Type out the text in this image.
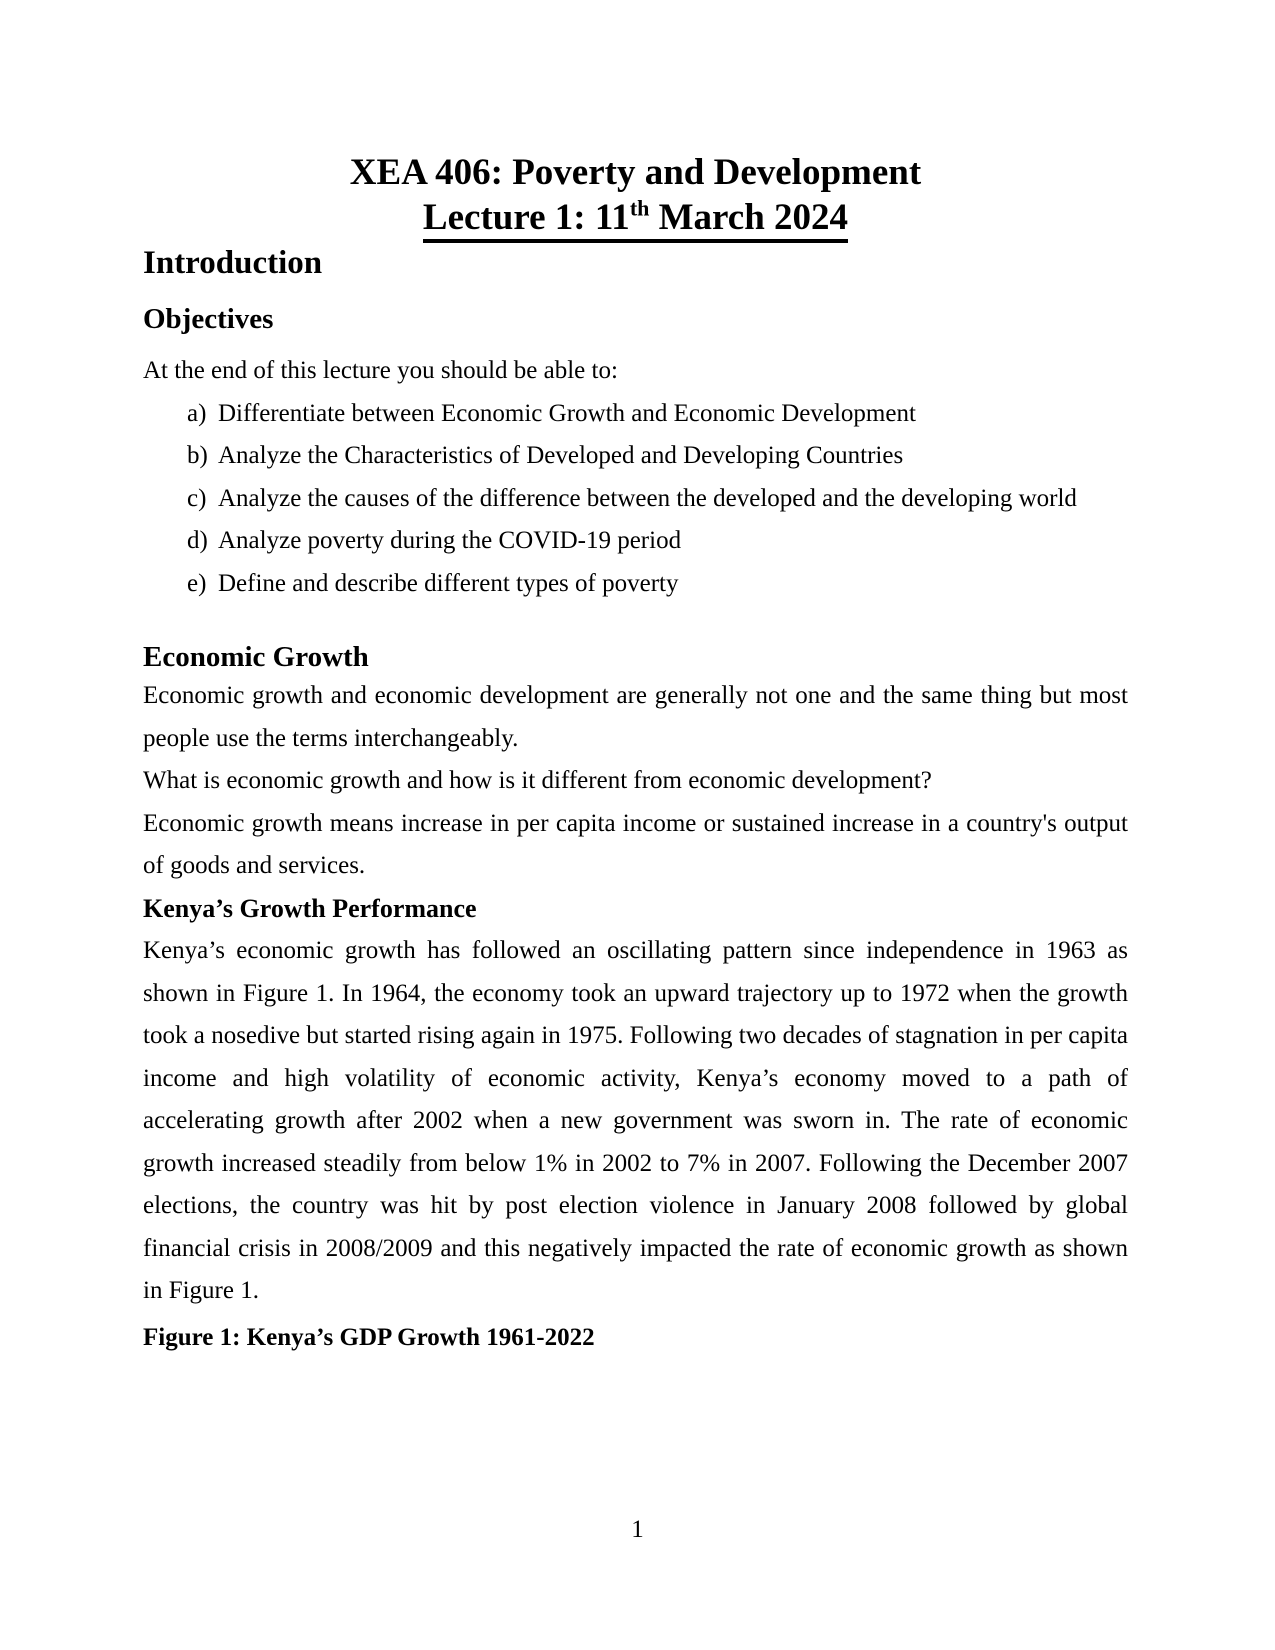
XEA 406: Poverty and Development
Lecture 1: 11th March 2024
Introduction
Objectives

At the end of this lecture you should be able to:

a) Differentiate between Economic Growth and Economic Development
b) Analyze the Characteristics of Developed and Developing Countries
c) Analyze the causes of the difference between the developed and the developing world
d) Analyze poverty during the COVID-19 period
e) Define and describe different types of poverty
Economic Growth

Economic growth and economic development are generally not one and the same thing but most people use the terms interchangeably.

What is economic growth and how is it different from economic development?

Economic growth means increase in per capita income or sustained increase in a country's output of goods and services.

Kenya’s Growth Performance

Kenya’s economic growth has followed an oscillating pattern since independence in 1963 as shown in Figure 1. In 1964, the economy took an upward trajectory up to 1972 when the growth took a nosedive but started rising again in 1975. Following two decades of stagnation in per capita income and high volatility of economic activity, Kenya’s economy moved to a path of accelerating growth after 2002 when a new government was sworn in. The rate of economic growth increased steadily from below 1% in 2002 to 7% in 2007. Following the December 2007 elections, the country was hit by post election violence in January 2008 followed by global financial crisis in 2008/2009 and this negatively impacted the rate of economic growth as shown in Figure 1.

Figure 1: Kenya’s GDP Growth 1961-2022

1
